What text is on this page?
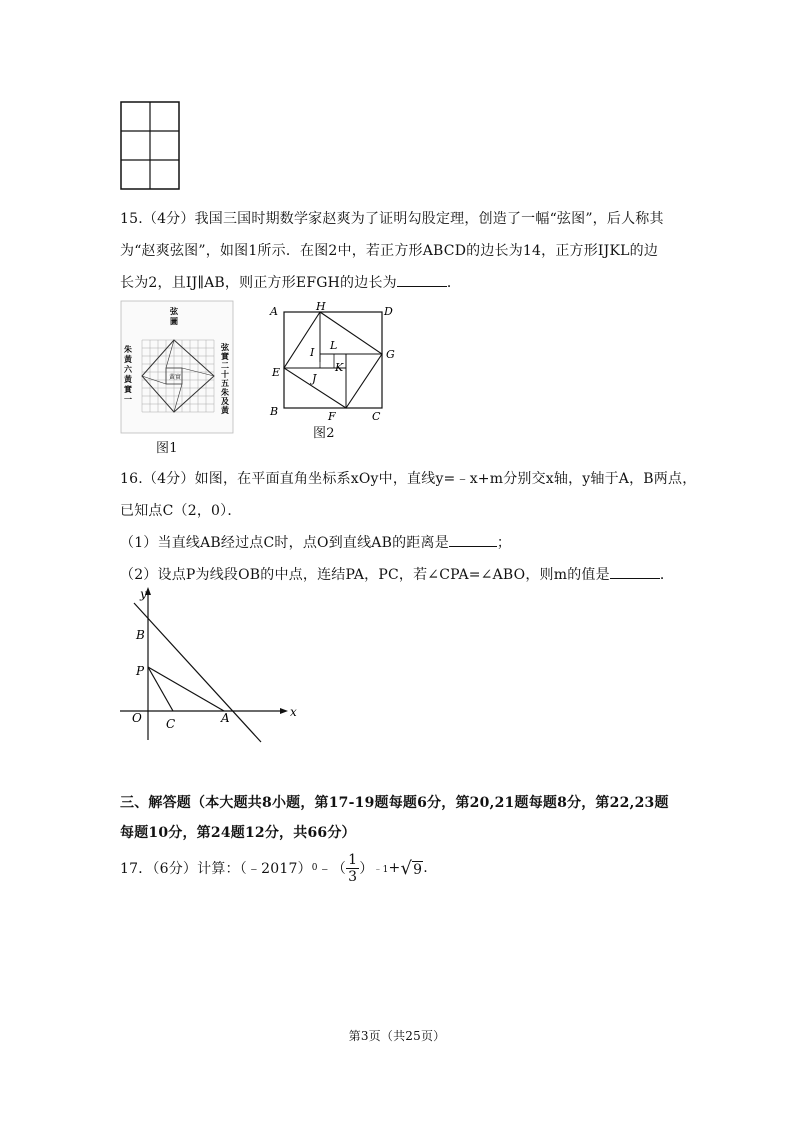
15.（4分）我国三国时期数学家赵爽为了证明勾股定理，创造了一幅“弦图”，后人称其
为“赵爽弦图”，如图1所示．在图2中，若正方形ABCD的边长为14，正方形IJKL的边
长为2，且IJ∥AB，则正方形EFGH的边长为	．
弦
圖
朱
黃
六
黃
實
一
弦
實
二
十
五
朱
及
黃
黃實
图1
A	H	D
E
G
I
L
K
J
B	F	C
图2
16.（4分）如图，在平面直角坐标系xOy中，直线y=﹣x+m分别交x轴，y轴于A，B两点，
已知点C（2，0）．
（1）当直线AB经过点C时，点O到直线AB的距离是	；
（2）设点P为线段OB的中点，连结PA，PC，若∠CPA=∠ABO，则m的值是	．
y
x
B
P
O C	A
三、解答题（本大题共8小题，第17-19题每题6分，第20,21题每题8分，第22,23题
每题10分，第24题12分，共66分）
17．（6分）计算：（﹣2017） 0 ﹣（ $\frac{1}{3}$ ） ﹣1 + √9 .
第3页（共25页）
